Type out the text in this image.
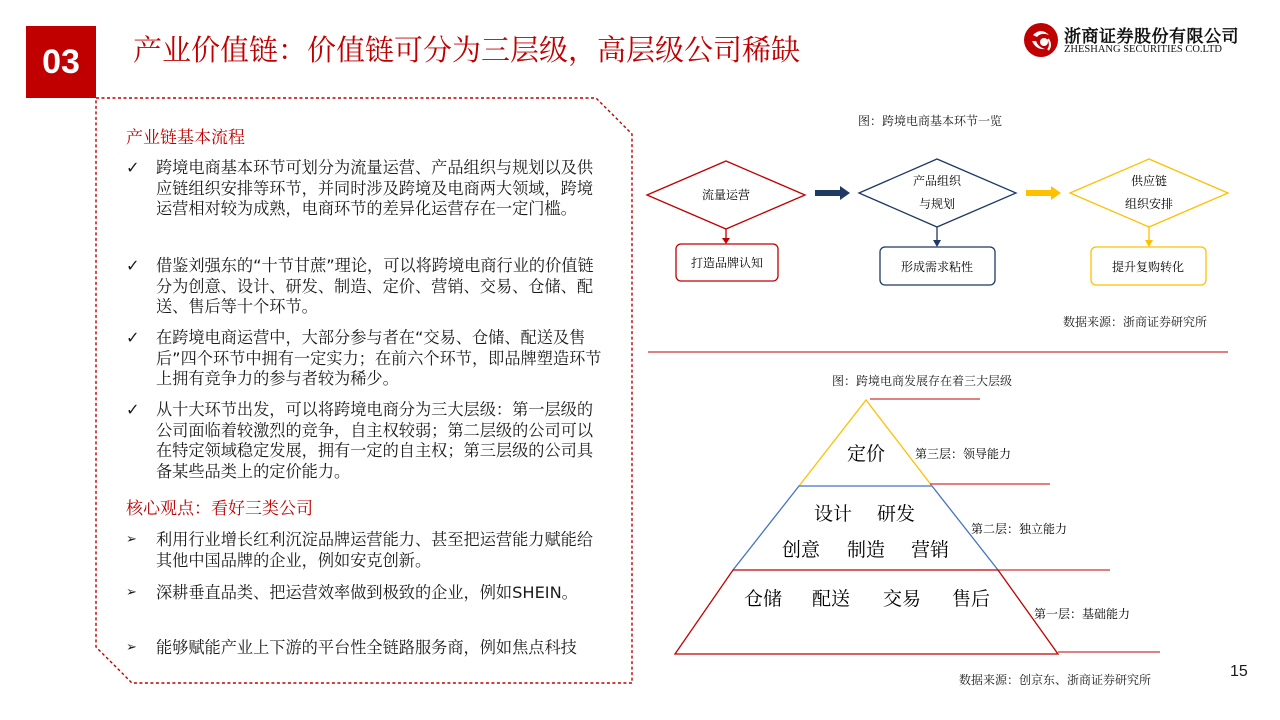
03	产业价值链：价值链可分为三层级，高层级公司稀缺	浙商证券股份有限公司
ZHESHANG SECURITIES CO.LTD
产业链基本流程
✓	跨境电商基本环节可划分为流量运营、产品组织与规划以及供应链组织安排等环节，并同时涉及跨境及电商两大领域，跨境运营相对较为成熟，电商环节的差异化运营存在一定门槛。
✓	借鉴刘强东的“十节甘蔗”理论，可以将跨境电商行业的价值链分为创意、设计、研发、制造、定价、营销、交易、仓储、配送、售后等十个环节。
✓	在跨境电商运营中，大部分参与者在“交易、仓储、配送及售后”四个环节中拥有一定实力；在前六个环节，即品牌塑造环节上拥有竞争力的参与者较为稀少。
✓	从十大环节出发，可以将跨境电商分为三大层级：第一层级的公司面临着较激烈的竞争，自主权较弱；第二层级的公司可以在特定领域稳定发展，拥有一定的自主权；第三层级的公司具备某些品类上的定价能力。
核心观点：看好三类公司
➢	利用行业增长红利沉淀品牌运营能力、甚至把运营能力赋能给其他中国品牌的企业，例如安克创新。
➢	深耕垂直品类、把运营效率做到极致的企业，例如SHEIN。
➢	能够赋能产业上下游的平台性全链路服务商，例如焦点科技
图：跨境电商基本环节一览
流量运营
产品组织
与规划
供应链
组织安排
打造品牌认知	形成需求粘性	提升复购转化
数据来源：浙商证券研究所
图：跨境电商发展存在着三大层级
定价
设计 研发
创意 制造 营销
仓储 配送 交易 售后
第三层：领导能力
第二层：独立能力
第一层：基础能力
数据来源：创京东、浙商证券研究所	15
